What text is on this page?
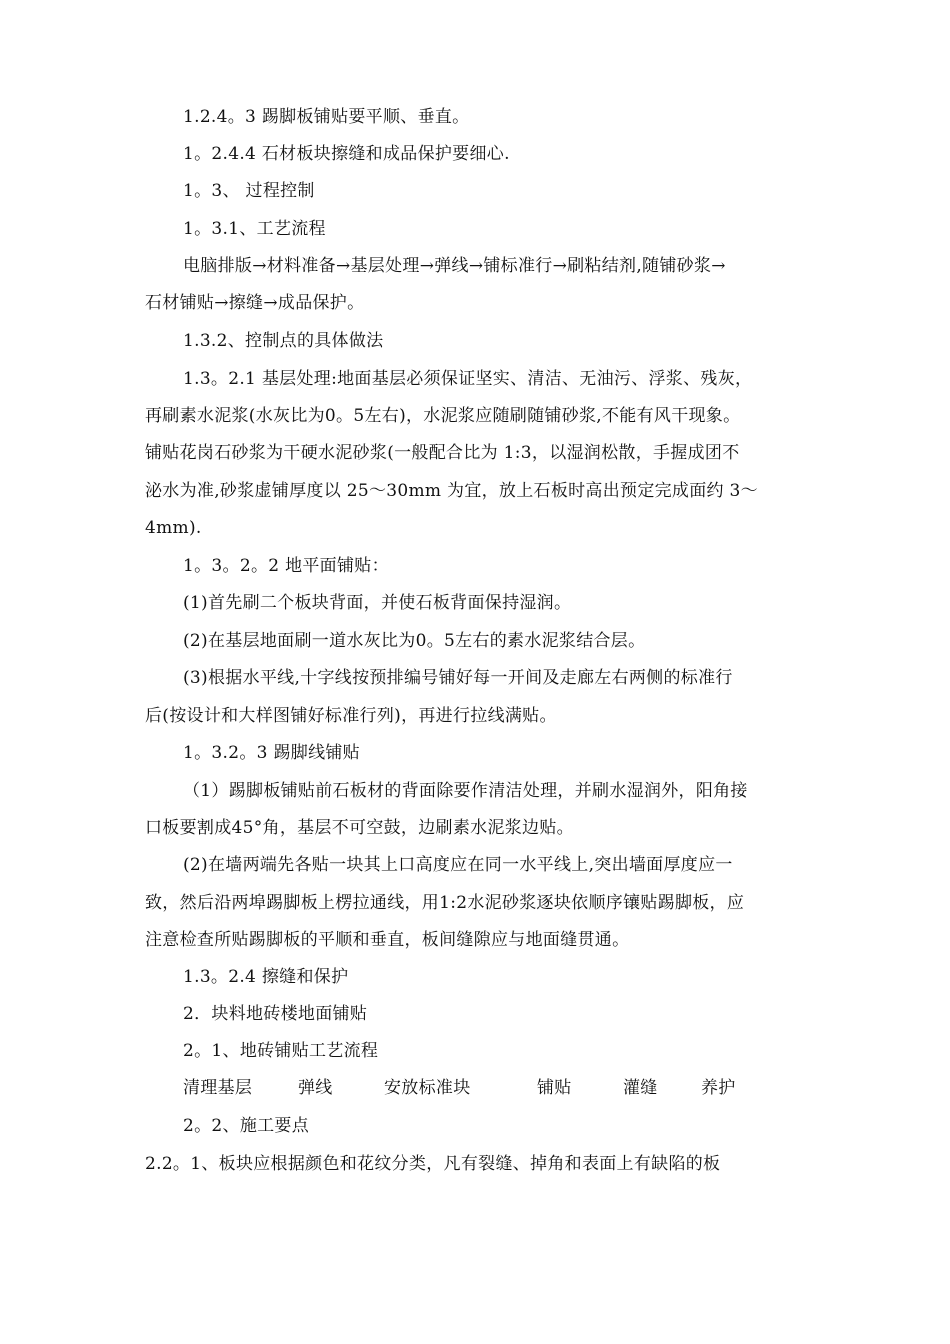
1.2.4。3 踢脚板铺贴要平顺、垂直。
1。2.4.4 石材板块擦缝和成品保护要细心.
1。3、 过程控制
1。3.1、工艺流程
电脑排版→材料准备→基层处理→弹线→铺标准行→刷粘结剂,随铺砂浆→
石材铺贴→擦缝→成品保护。
1.3.2、控制点的具体做法
1.3。2.1 基层处理:地面基层必须保证坚实、清洁、无油污、浮浆、残灰，
再刷素水泥浆(水灰比为0。5左右)，水泥浆应随刷随铺砂浆,不能有风干现象。
铺贴花岗石砂浆为干硬水泥砂浆(一般配合比为 1:3，以湿润松散，手握成团不
泌水为准,砂浆虚铺厚度以 25～30mm 为宜，放上石板时高出预定完成面约 3～
4mm).
1。3。2。2 地平面铺贴：
(1)首先刷二个板块背面，并使石板背面保持湿润。
(2)在基层地面刷一道水灰比为0。5左右的素水泥浆结合层。
(3)根据水平线,十字线按预排编号铺好每一开间及走廊左右两侧的标准行
后(按设计和大样图铺好标准行列)，再进行拉线满贴。
1。3.2。3 踢脚线铺贴
（1）踢脚板铺贴前石板材的背面除要作清洁处理，并刷水湿润外，阳角接
口板要割成45°角，基层不可空鼓，边刷素水泥浆边贴。
(2)在墙两端先各贴一块其上口高度应在同一水平线上,突出墙面厚度应一
致，然后沿两埠踢脚板上楞拉通线，用1:2水泥砂浆逐块依顺序镶贴踢脚板，应
注意检查所贴踢脚板的平顺和垂直，板间缝隙应与地面缝贯通。
1.3。2.4 擦缝和保护
2．块料地砖楼地面铺贴
2。1、地砖铺贴工艺流程
清理基层	弹线	安放标准块	铺贴	灌缝	养护
2。2、施工要点
2.2。1、板块应根据颜色和花纹分类，凡有裂缝、掉角和表面上有缺陷的板
